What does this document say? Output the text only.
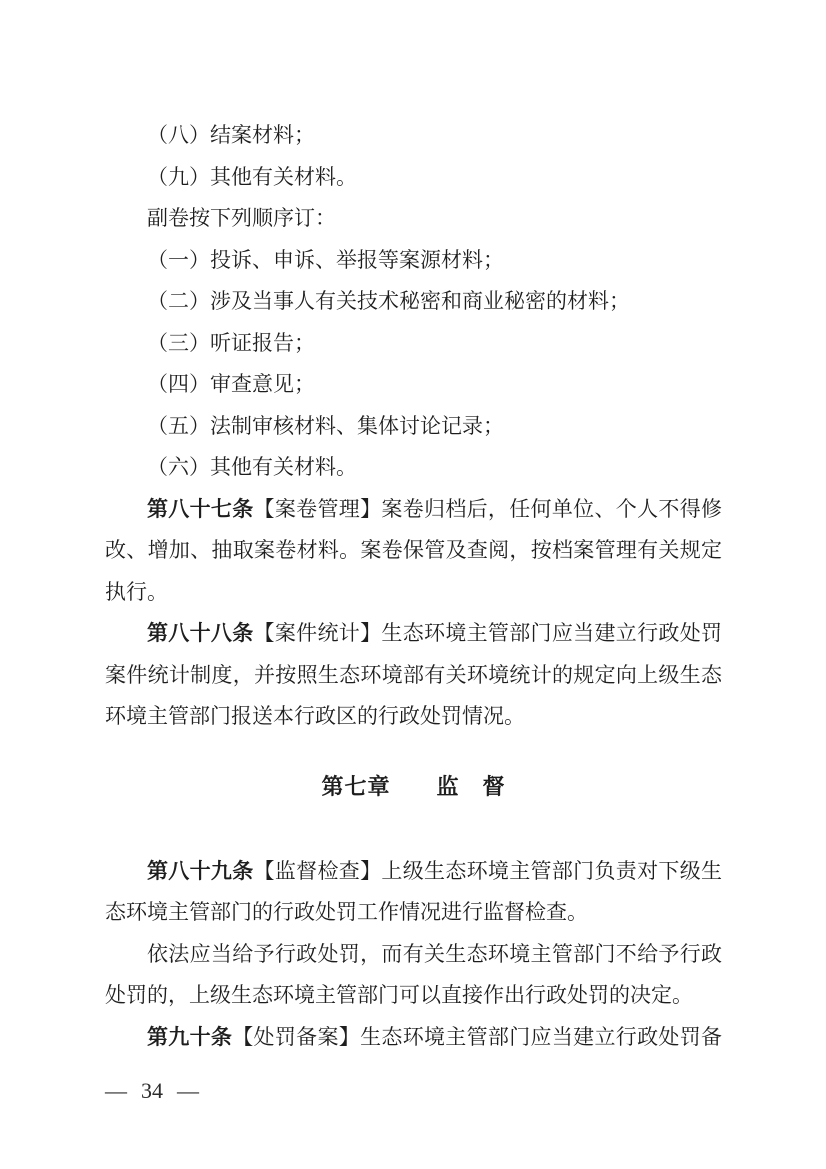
（八）结案材料；
（九）其他有关材料。
副卷按下列顺序订：
（一）投诉、申诉、举报等案源材料；
（二）涉及当事人有关技术秘密和商业秘密的材料；
（三）听证报告；
（四）审查意见；
（五）法制审核材料、集体讨论记录；
（六）其他有关材料。
第八十七条【案卷管理】案卷归档后，任何单位、个人不得修
改、增加、抽取案卷材料。案卷保管及查阅，按档案管理有关规定
执行。
第八十八条【案件统计】生态环境主管部门应当建立行政处罚
案件统计制度，并按照生态环境部有关环境统计的规定向上级生态
环境主管部门报送本行政区的行政处罚情况。
第七章　　监　督
第八十九条【监督检查】上级生态环境主管部门负责对下级生
态环境主管部门的行政处罚工作情况进行监督检查。
依法应当给予行政处罚，而有关生态环境主管部门不给予行政
处罚的，上级生态环境主管部门可以直接作出行政处罚的决定。
第九十条【处罚备案】生态环境主管部门应当建立行政处罚备
— 34 —
